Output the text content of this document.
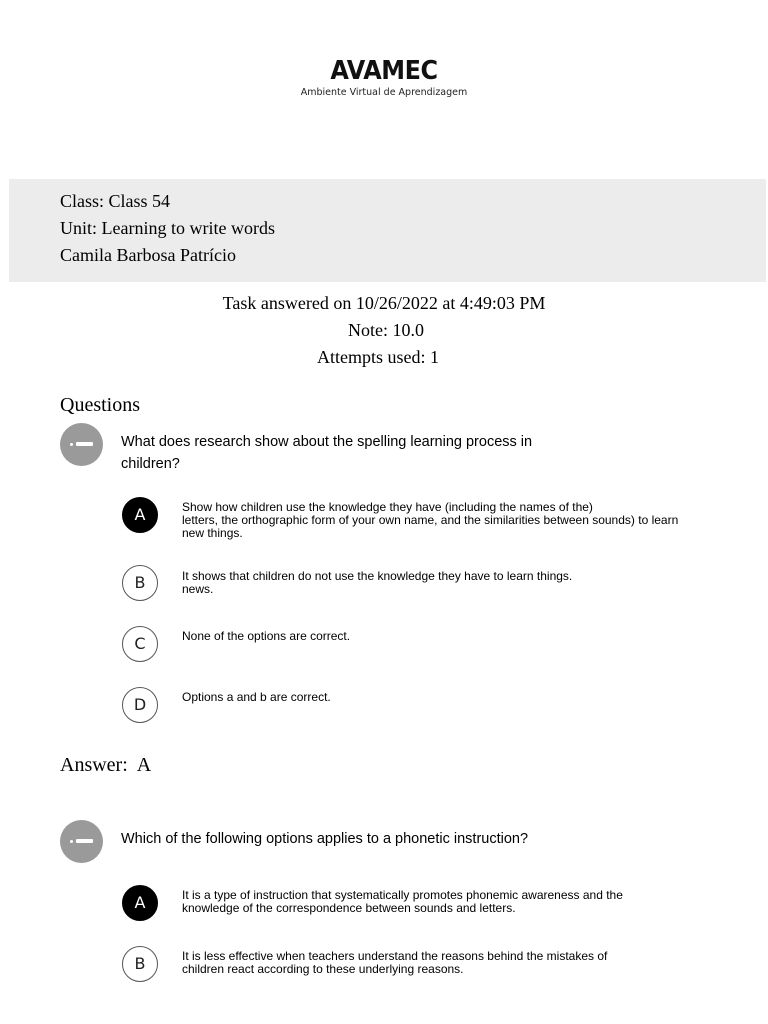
AVAMEC
Ambiente Virtual de Aprendizagem
Class: Class 54
Unit: Learning to write words
Camila Barbosa Patrício
Task answered on 10/26/2022 at 4:49:03 PM
Note: 10.0
Attempts used: 1
Questions
What does research show about the spelling learning process in children?
A	Show how children use the knowledge they have (including the names of the)
letters, the orthographic form of your own name, and the similarities between sounds) to learn
new things.
B	It shows that children do not use the knowledge they have to learn things.
news.
C	None of the options are correct.
D	Options a and b are correct.
Answer: A
Which of the following options applies to a phonetic instruction?
A	It is a type of instruction that systematically promotes phonemic awareness and the
knowledge of the correspondence between sounds and letters.
B	It is less effective when teachers understand the reasons behind the mistakes of
children react according to these underlying reasons.
